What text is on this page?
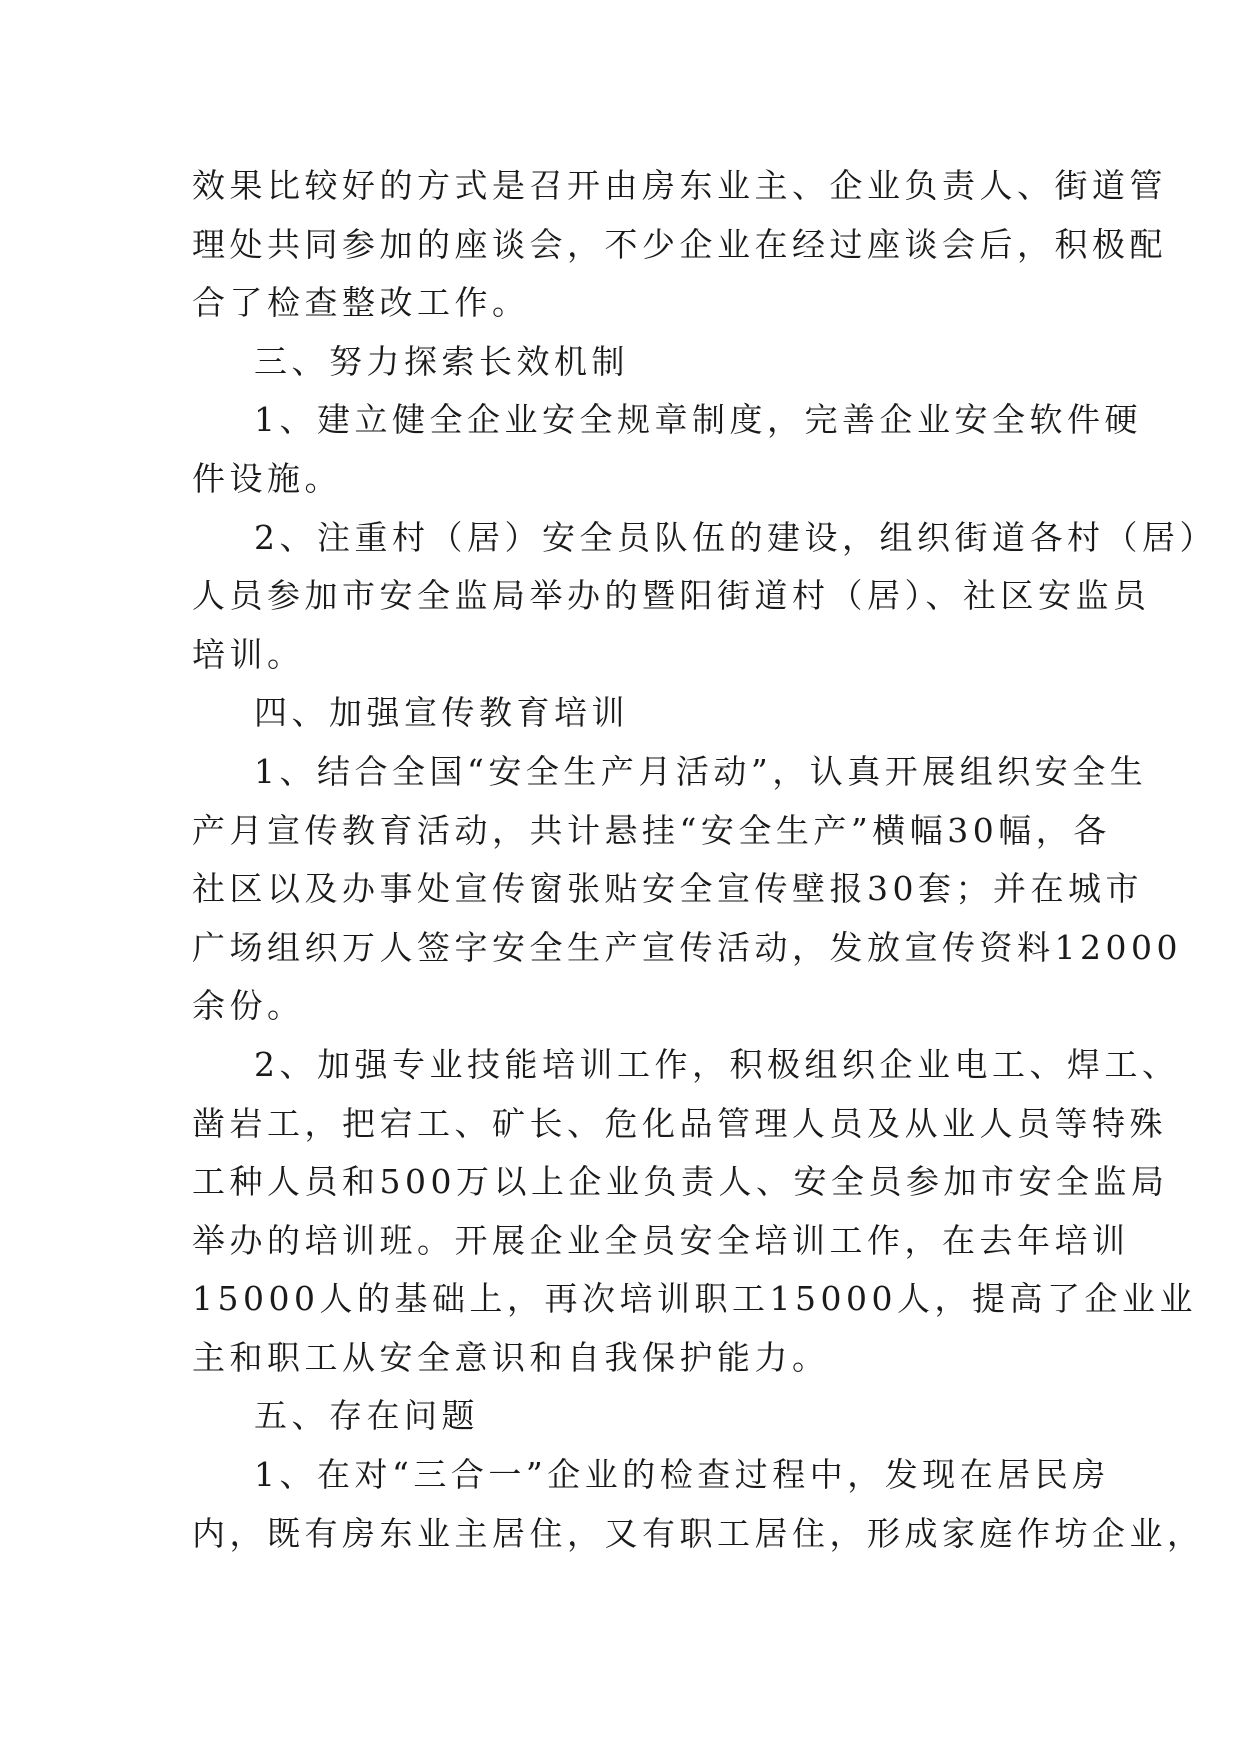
效果比较好的方式是召开由房东业主、企业负责人、街道管
理处共同参加的座谈会，不少企业在经过座谈会后，积极配
合了检查整改工作。
三、努力探索长效机制
1、建立健全企业安全规章制度，完善企业安全软件硬
件设施。
2、注重村（居）安全员队伍的建设，组织街道各村（居）
人员参加市安全监局举办的暨阳街道村（居）、社区安监员
培训。
四、加强宣传教育培训
1、结合全国“安全生产月活动”，认真开展组织安全生
产月宣传教育活动，共计悬挂“安全生产”横幅30幅，各
社区以及办事处宣传窗张贴安全宣传壁报30套；并在城市
广场组织万人签字安全生产宣传活动，发放宣传资料12000
余份。
2、加强专业技能培训工作，积极组织企业电工、焊工、
凿岩工，把宕工、矿长、危化品管理人员及从业人员等特殊
工种人员和500万以上企业负责人、安全员参加市安全监局
举办的培训班。开展企业全员安全培训工作，在去年培训
15000人的基础上，再次培训职工15000人，提高了企业业
主和职工从安全意识和自我保护能力。
五、存在问题
1、在对“三合一”企业的检查过程中，发现在居民房
内，既有房东业主居住，又有职工居住，形成家庭作坊企业，
